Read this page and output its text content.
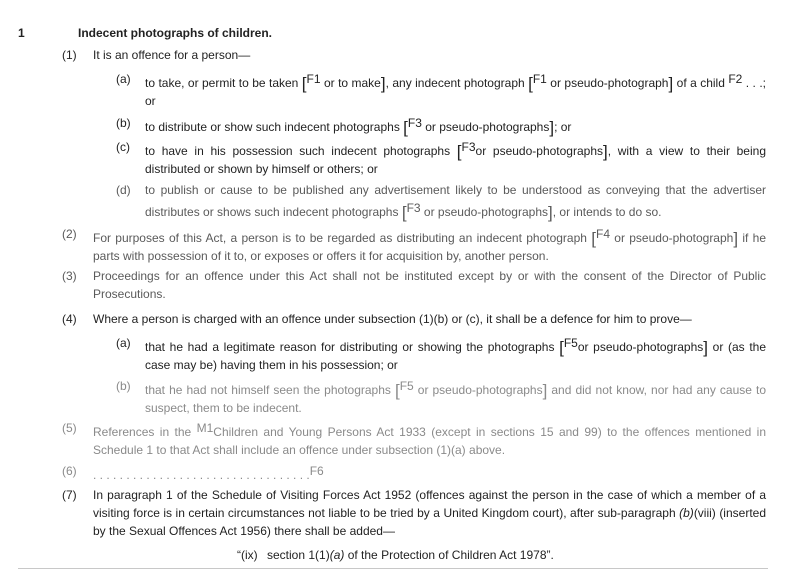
1	Indecent photographs of children.
(1)	It is an offence for a person—
(a)	to take, or permit to be taken [F1 or to make], any indecent photograph [F1 or pseudo-photograph] of a child F2 . . .; or
(b)	to distribute or show such indecent photographs [F3 or pseudo-photographs]; or
(c)	to have in his possession such indecent photographs [F3or pseudo-photographs], with a view to their being distributed or shown by himself or others; or
(d)	to publish or cause to be published any advertisement likely to be understood as conveying that the advertiser distributes or shows such indecent photographs [F3 or pseudo-photographs], or intends to do so.
(2)	For purposes of this Act, a person is to be regarded as distributing an indecent photograph [F4 or pseudo-photograph] if he parts with possession of it to, or exposes or offers it for acquisition by, another person.
(3)	Proceedings for an offence under this Act shall not be instituted except by or with the consent of the Director of Public Prosecutions.
(4)	Where a person is charged with an offence under subsection (1)(b) or (c), it shall be a defence for him to prove—
(a)	that he had a legitimate reason for distributing or showing the photographs [F5or pseudo-photographs] or (as the case may be) having them in his possession; or
(b)	that he had not himself seen the photographs [F5 or pseudo-photographs] and did not know, nor had any cause to suspect, them to be indecent.
(5)	References in the M1Children and Young Persons Act 1933 (except in sections 15 and 99) to the offences mentioned in Schedule 1 to that Act shall include an offence under subsection (1)(a) above.
(6)	. . . . . . . . . . . . . . . . . . . . . . . . . . . . . . . . .F6
(7)	In paragraph 1 of the Schedule of Visiting Forces Act 1952 (offences against the person in the case of which a member of a visiting force is in certain circumstances not liable to be tried by a United Kingdom court), after sub-paragraph (b)(viii) (inserted by the Sexual Offences Act 1956) there shall be added—
“(ix) section 1(1)(a) of the Protection of Children Act 1978”.
